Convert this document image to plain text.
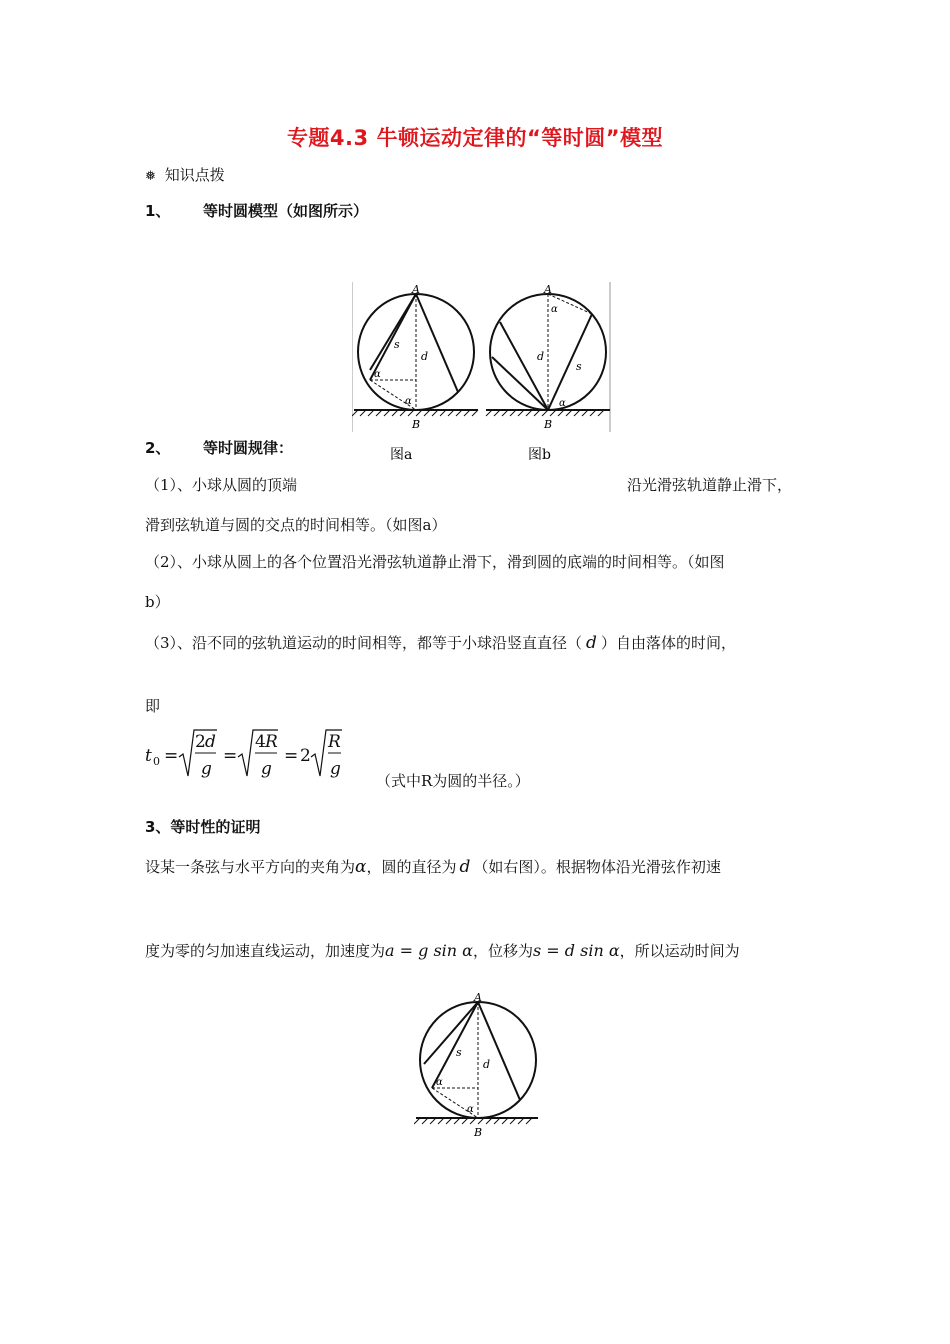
专题4.3 牛顿运动定律的“等时圆”模型
❅ 知识点拨
1、 等时圆模型（如图所示）
A
B
s
d
α
α
图a
A
B
s
d
α
α
图b
2、 等时圆规律：
（1）、小球从圆的顶端	沿光滑弦轨道静止滑下，
滑到弦轨道与圆的交点的时间相等。（如图a）
（2）、小球从圆上的各个位置沿光滑弦轨道静止滑下，滑到圆的底端的时间相等。（如图
b）
（3）、沿不同的弦轨道运动的时间相等，都等于小球沿竖直直径（ d ）自由落体的时间，
即
t 0 =
2 d
g
=
4 R
g
= 2
R
g
（式中R为圆的半径。）
3、等时性的证明
设某一条弦与水平方向的夹角为α，圆的直径为 d （如右图）。根据物体沿光滑弦作初速
度为零的匀加速直线运动，加速度为a = g sin α，位移为s = d sin α，所以运动时间为
A
B
s
d
α
α
